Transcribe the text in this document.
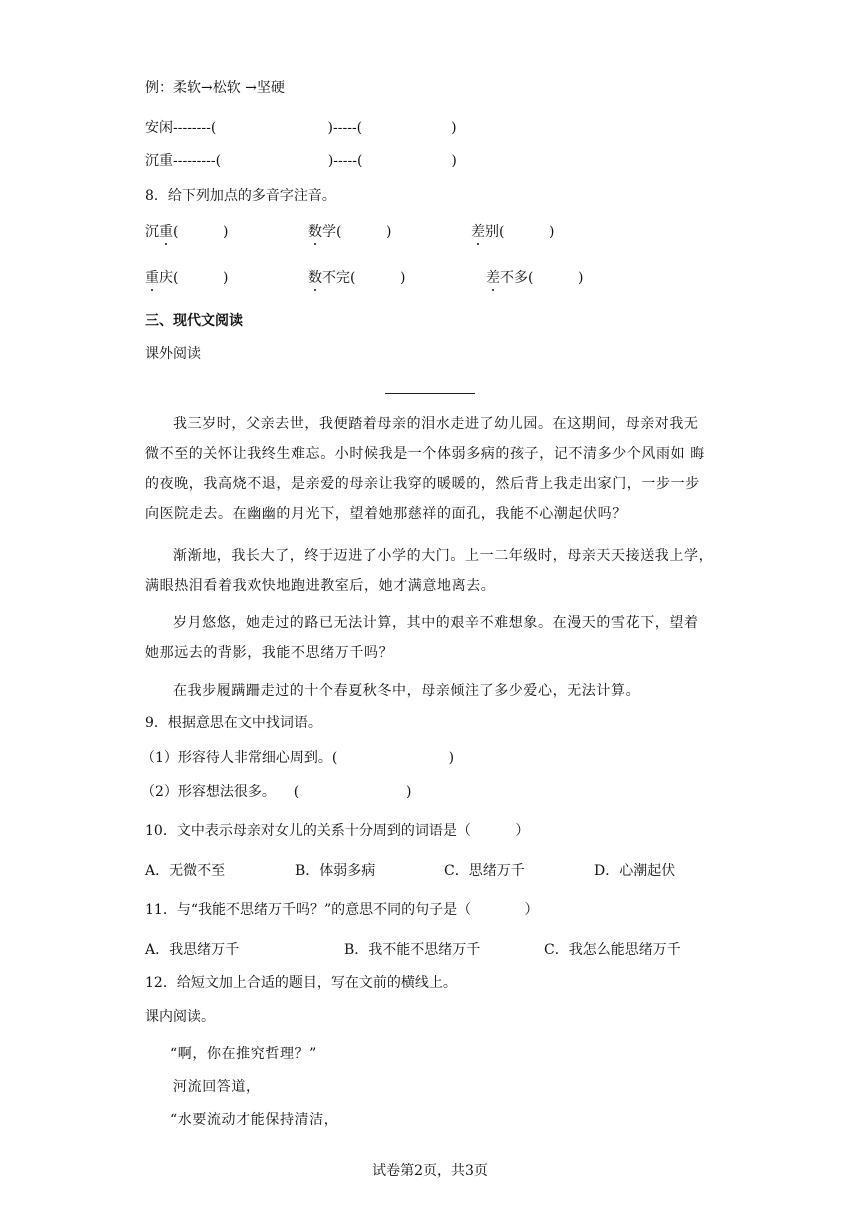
例：柔软→松软 →坚硬
安闲--------(                         )-----(                    )
沉重---------(                        )-----(                    )
8．给下列加点的多音字注音。
沉重(          )	数学(          )	差别(          )
重庆(          )	数不完(          )	差不多(          )
三、现代文阅读
课外阅读
我三岁时，父亲去世，我便踏着母亲的泪水走进了幼儿园。在这期间，母亲对我无
微不至的关怀让我终生难忘。小时候我是一个体弱多病的孩子，记不清多少个风雨如 晦
的夜晚，我高烧不退，是亲爱的母亲让我穿的暖暖的，然后背上我走出家门，一步一步
向医院走去。在幽幽的月光下，望着她那慈祥的面孔，我能不心潮起伏吗？
渐渐地，我长大了，终于迈进了小学的大门。上一二年级时，母亲天天接送我上学，
满眼热泪看着我欢快地跑进教室后，她才满意地离去。
岁月悠悠，她走过的路已无法计算，其中的艰辛不难想象。在漫天的雪花下，望着
她那远去的背影，我能不思绪万千吗？
在我步履蹒跚走过的十个春夏秋冬中，母亲倾注了多少爱心，无法计算。
9．根据意思在文中找词语。
（1）形容待人非常细心周到。(                         )
（2）形容想法很多。    (                        )
10．文中表示母亲对女儿的关系十分周到的词语是（          ）
A．无微不至	B．体弱多病	C．思绪万千	D．心潮起伏
11．与“我能不思绪万千吗？”的意思不同的句子是（            ）
A．我思绪万千	B．我不能不思绪万千	C．我怎么能思绪万千
12．给短文加上合适的题目，写在文前的横线上。
课内阅读。
“啊，你在推究哲理？”
河流回答道，
“水要流动才能保持清洁，
试卷第2页，共3页
